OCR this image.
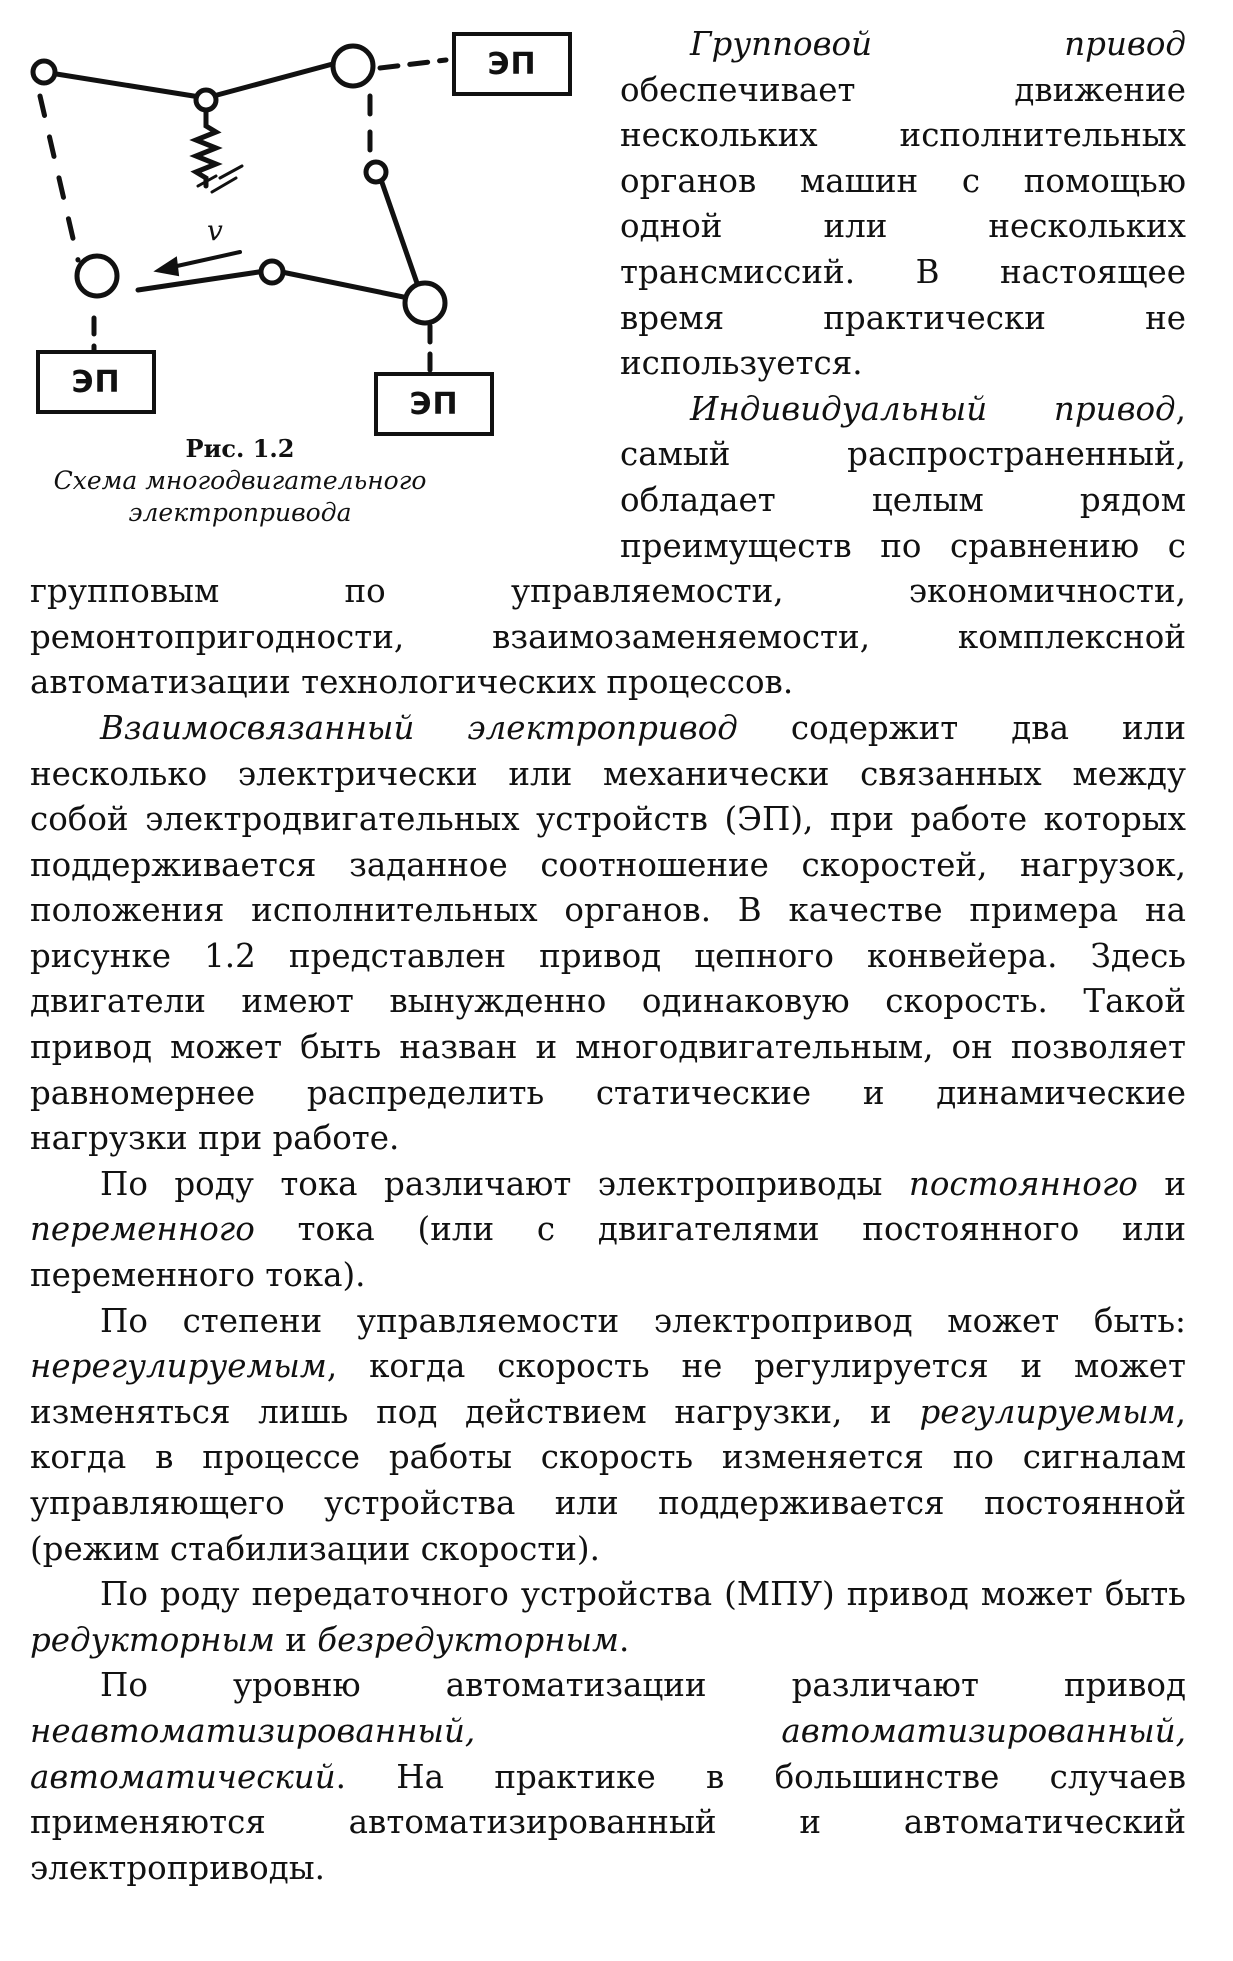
v
ЭП
ЭП
ЭП
Рис. 1.2
Схема многодвигательного
электропривода

Групповой привод обеспечивает движение нескольких исполнительных органов машин с помощью одной или нескольких трансмиссий. В настоящее время практически не используется.

Индивидуальный привод, самый распространенный, обладает целым рядом преимуществ по сравнению с групповым по управляемости, экономичности, ремонтопригодности, взаимозаменяемости, комплексной автоматизации технологических процессов.

Взаимосвязанный электропривод содержит два или несколько электрически или механически связанных между собой электродвигательных устройств (ЭП), при работе которых поддерживается заданное соотношение скоростей, нагрузок, положения исполнительных органов. В качестве примера на рисунке 1.2 представлен привод цепного конвейера. Здесь двигатели имеют вынужденно одинаковую скорость. Такой привод может быть назван и многодвигательным, он позволяет равномернее распределить статические и динамические нагрузки при работе.

По роду тока различают электроприводы постоянного и переменного тока (или с двигателями постоянного или переменного тока).

По степени управляемости электропривод может быть: нерегулируемым, когда скорость не регулируется и может изменяться лишь под действием нагрузки, и регулируемым, когда в процессе работы скорость изменяется по сигналам управляющего устройства или поддерживается постоянной (режим стабилизации скорости).

По роду передаточного устройства (МПУ) привод может быть редукторным и безредукторным.

По уровню автоматизации различают привод неавтоматизированный, автоматизированный, автоматический. На практике в большинстве случаев применяются автоматизированный и автоматический электроприводы.
